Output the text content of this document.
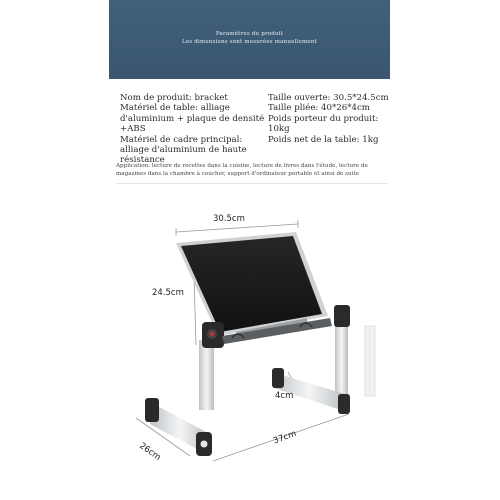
Paramètres du produit
Les dimensions sont mesurées manuellement
Nom de produit: bracket
Matériel de table: alliage d'aluminium + plaque de densité +ABS
Matériel de cadre principal: alliage d'aluminium de haute résistance
Taille ouverte: 30.5*24.5cm
Taille pliée: 40*26*4cm
Poids porteur du produit: 10kg
Poids net de la table: 1kg
Application: lecture de recettes dans la cuisine, lecture de livres dans l'étude, lecture de magazines dans la chambre à coucher, support d'ordinateur portable et ainsi de suite
30.5cm
24.5cm
4cm
26cm
37cm
